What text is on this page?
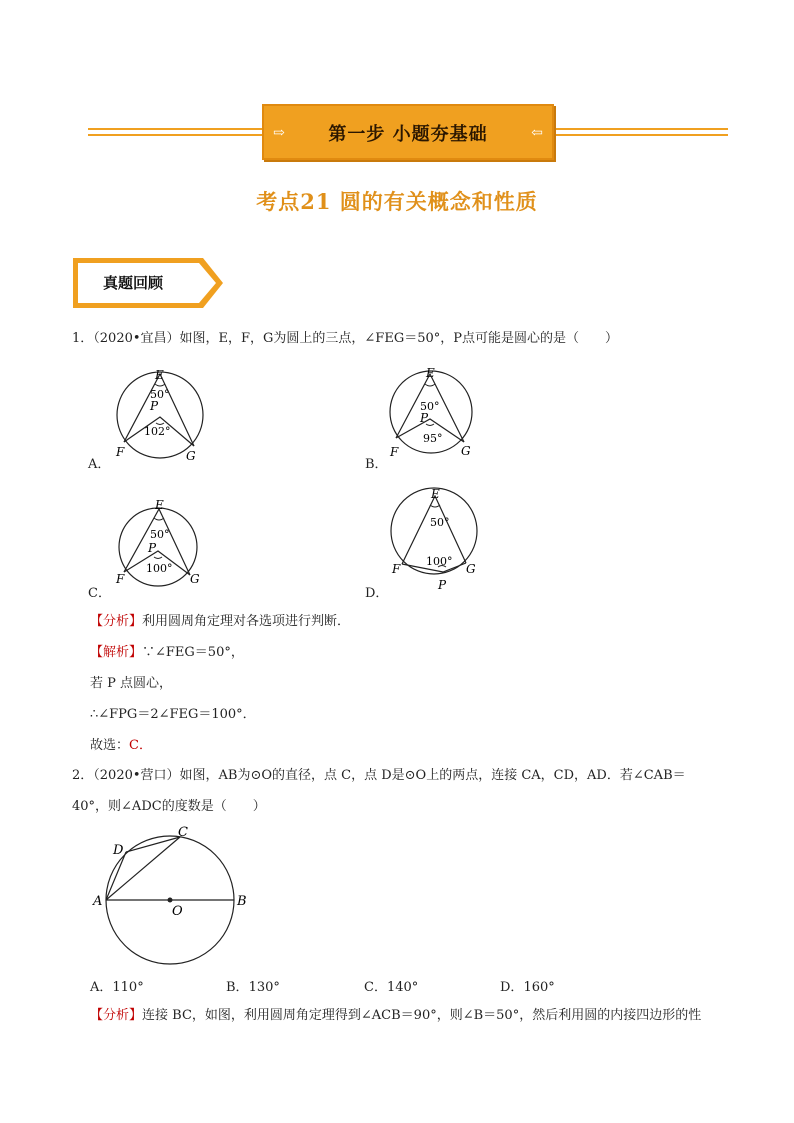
⇨	第一步 小题夯基础	⇦
考点21 圆的有关概念和性质
真题回顾
1．（2020•宜昌）如图，E，F，G为圆上的三点，∠FEG＝50°，P点可能是圆心的是（　　）
E
P
50°
102°
F	G
A．
E
P
50°
95°
F	G
B．
E
50°
P
100°
F	G
C．
E
50°
100°
F	G
P
D．
【分析】利用圆周角定理对各选项进行判断．
【解析】∵∠FEG＝50°，
若 P 点圆心，
∴∠FPG＝2∠FEG＝100°．
故选：C．
2．（2020•营口）如图，AB为⊙O的直径，点 C，点 D是⊙O上的两点，连接 CA，CD，AD．若∠CAB＝
40°，则∠ADC的度数是（　　）
C
D
A	B
O
A．110°	B．130°	C．140°	D．160°
【分析】连接 BC，如图，利用圆周角定理得到∠ACB＝90°，则∠B＝50°，然后利用圆的内接四边形的性
